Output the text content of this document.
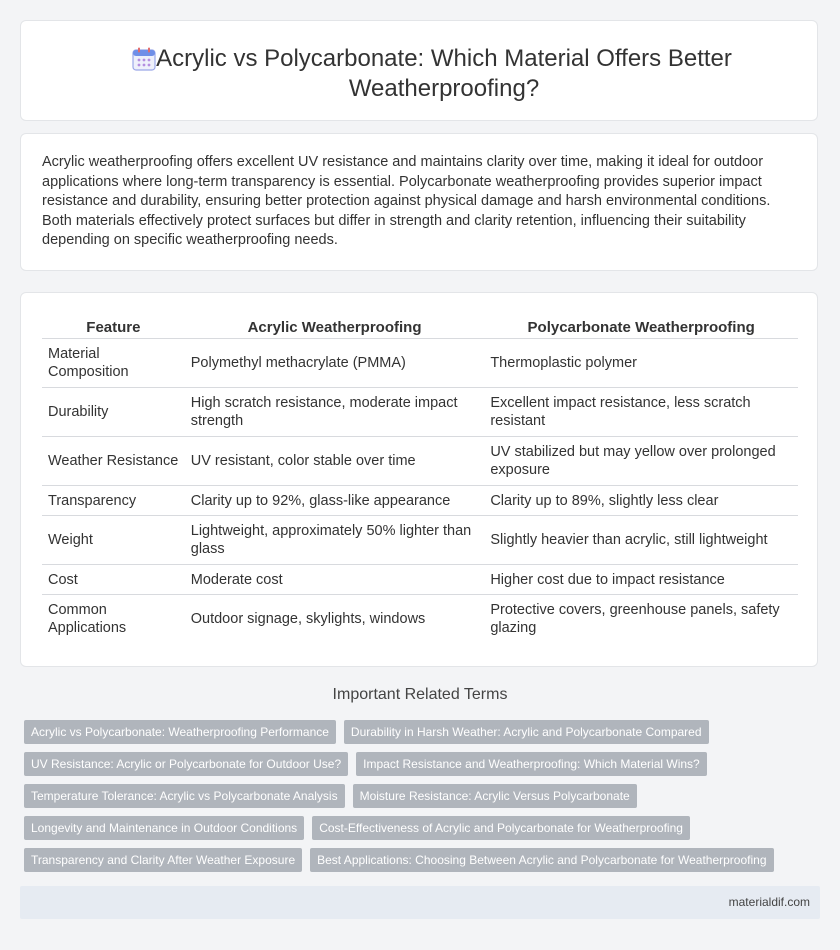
Acrylic vs Polycarbonate: Which Material Offers Better Weatherproofing?

Acrylic weatherproofing offers excellent UV resistance and maintains clarity over time, making it ideal for outdoor applications where long-term transparency is essential. Polycarbonate weatherproofing provides superior impact resistance and durability, ensuring better protection against physical damage and harsh environmental conditions. Both materials effectively protect surfaces but differ in strength and clarity retention, influencing their suitability depending on specific weatherproofing needs.

Feature	Acrylic Weatherproofing	Polycarbonate Weatherproofing
Material Composition	Polymethyl methacrylate (PMMA)	Thermoplastic polymer
Durability	High scratch resistance, moderate impact strength	Excellent impact resistance, less scratch resistant
Weather Resistance	UV resistant, color stable over time	UV stabilized but may yellow over prolonged exposure
Transparency	Clarity up to 92%, glass-like appearance	Clarity up to 89%, slightly less clear
Weight	Lightweight, approximately 50% lighter than glass	Slightly heavier than acrylic, still lightweight
Cost	Moderate cost	Higher cost due to impact resistance
Common Applications	Outdoor signage, skylights, windows	Protective covers, greenhouse panels, safety glazing
Important Related Terms
Acrylic vs Polycarbonate: Weatherproofing Performance	Durability in Harsh Weather: Acrylic and Polycarbonate Compared
UV Resistance: Acrylic or Polycarbonate for Outdoor Use?	Impact Resistance and Weatherproofing: Which Material Wins?
Temperature Tolerance: Acrylic vs Polycarbonate Analysis	Moisture Resistance: Acrylic Versus Polycarbonate
Longevity and Maintenance in Outdoor Conditions	Cost-Effectiveness of Acrylic and Polycarbonate for Weatherproofing
Transparency and Clarity After Weather Exposure	Best Applications: Choosing Between Acrylic and Polycarbonate for Weatherproofing
materialdif.com
